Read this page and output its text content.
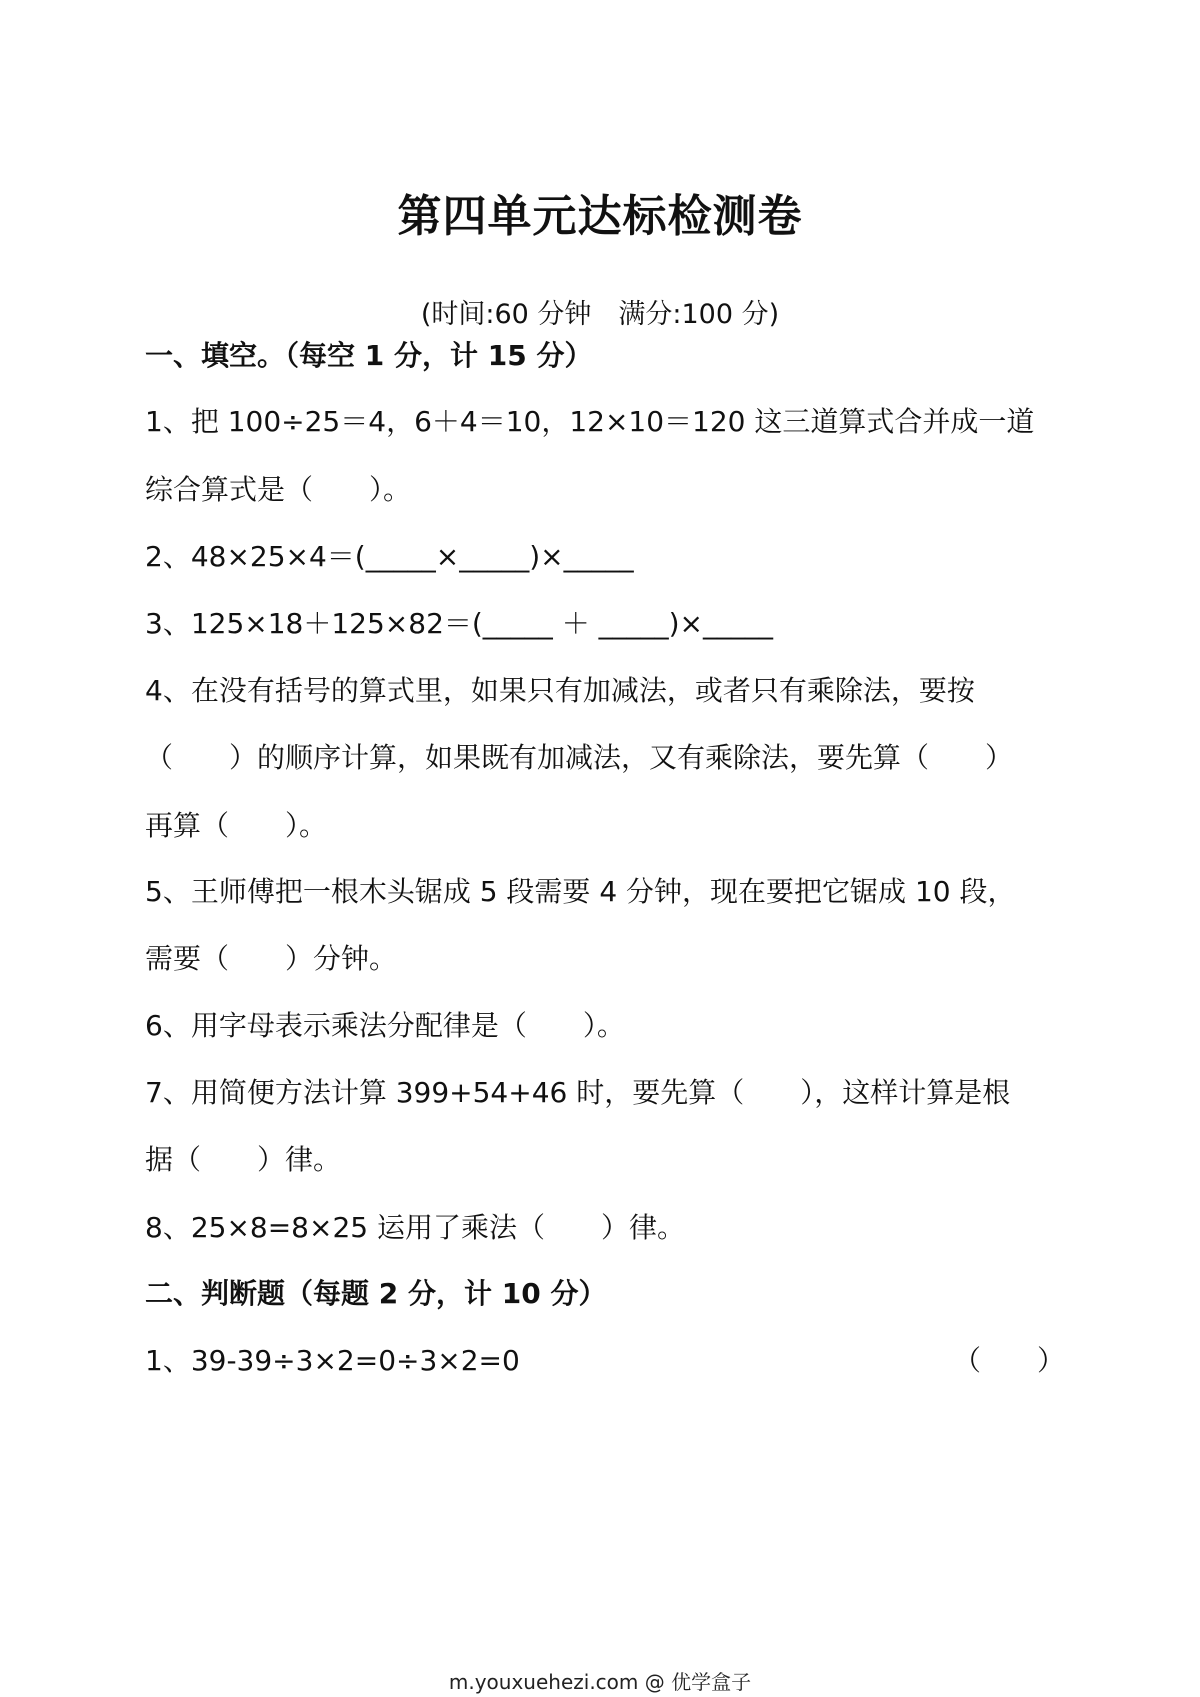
第四单元达标检测卷
(时间:60 分钟　满分:100 分)
一、填空。（每空 1 分，计 15 分）
1、把 100÷25＝4，6＋4＝10，12×10＝120 这三道算式合并成一道
综合算式是（　　）。
2、48×25×4＝(_____×_____)×_____
3、125×18＋125×82＝(_____ ＋ _____)×_____
4、在没有括号的算式里，如果只有加减法，或者只有乘除法，要按
（　　）的顺序计算，如果既有加减法，又有乘除法，要先算（　　）
再算（　　）。
5、王师傅把一根木头锯成 5 段需要 4 分钟，现在要把它锯成 10 段，
需要（　　）分钟。
6、用字母表示乘法分配律是（　　）。
7、用简便方法计算 399+54+46 时，要先算（　　），这样计算是根
据（　　）律。
8、25×8=8×25 运用了乘法（　　）律。
二、判断题（每题 2 分，计 10 分）
1、39-39÷3×2=0÷3×2=0	（　　）
m.youxuehezi.com @ 优学盒子
